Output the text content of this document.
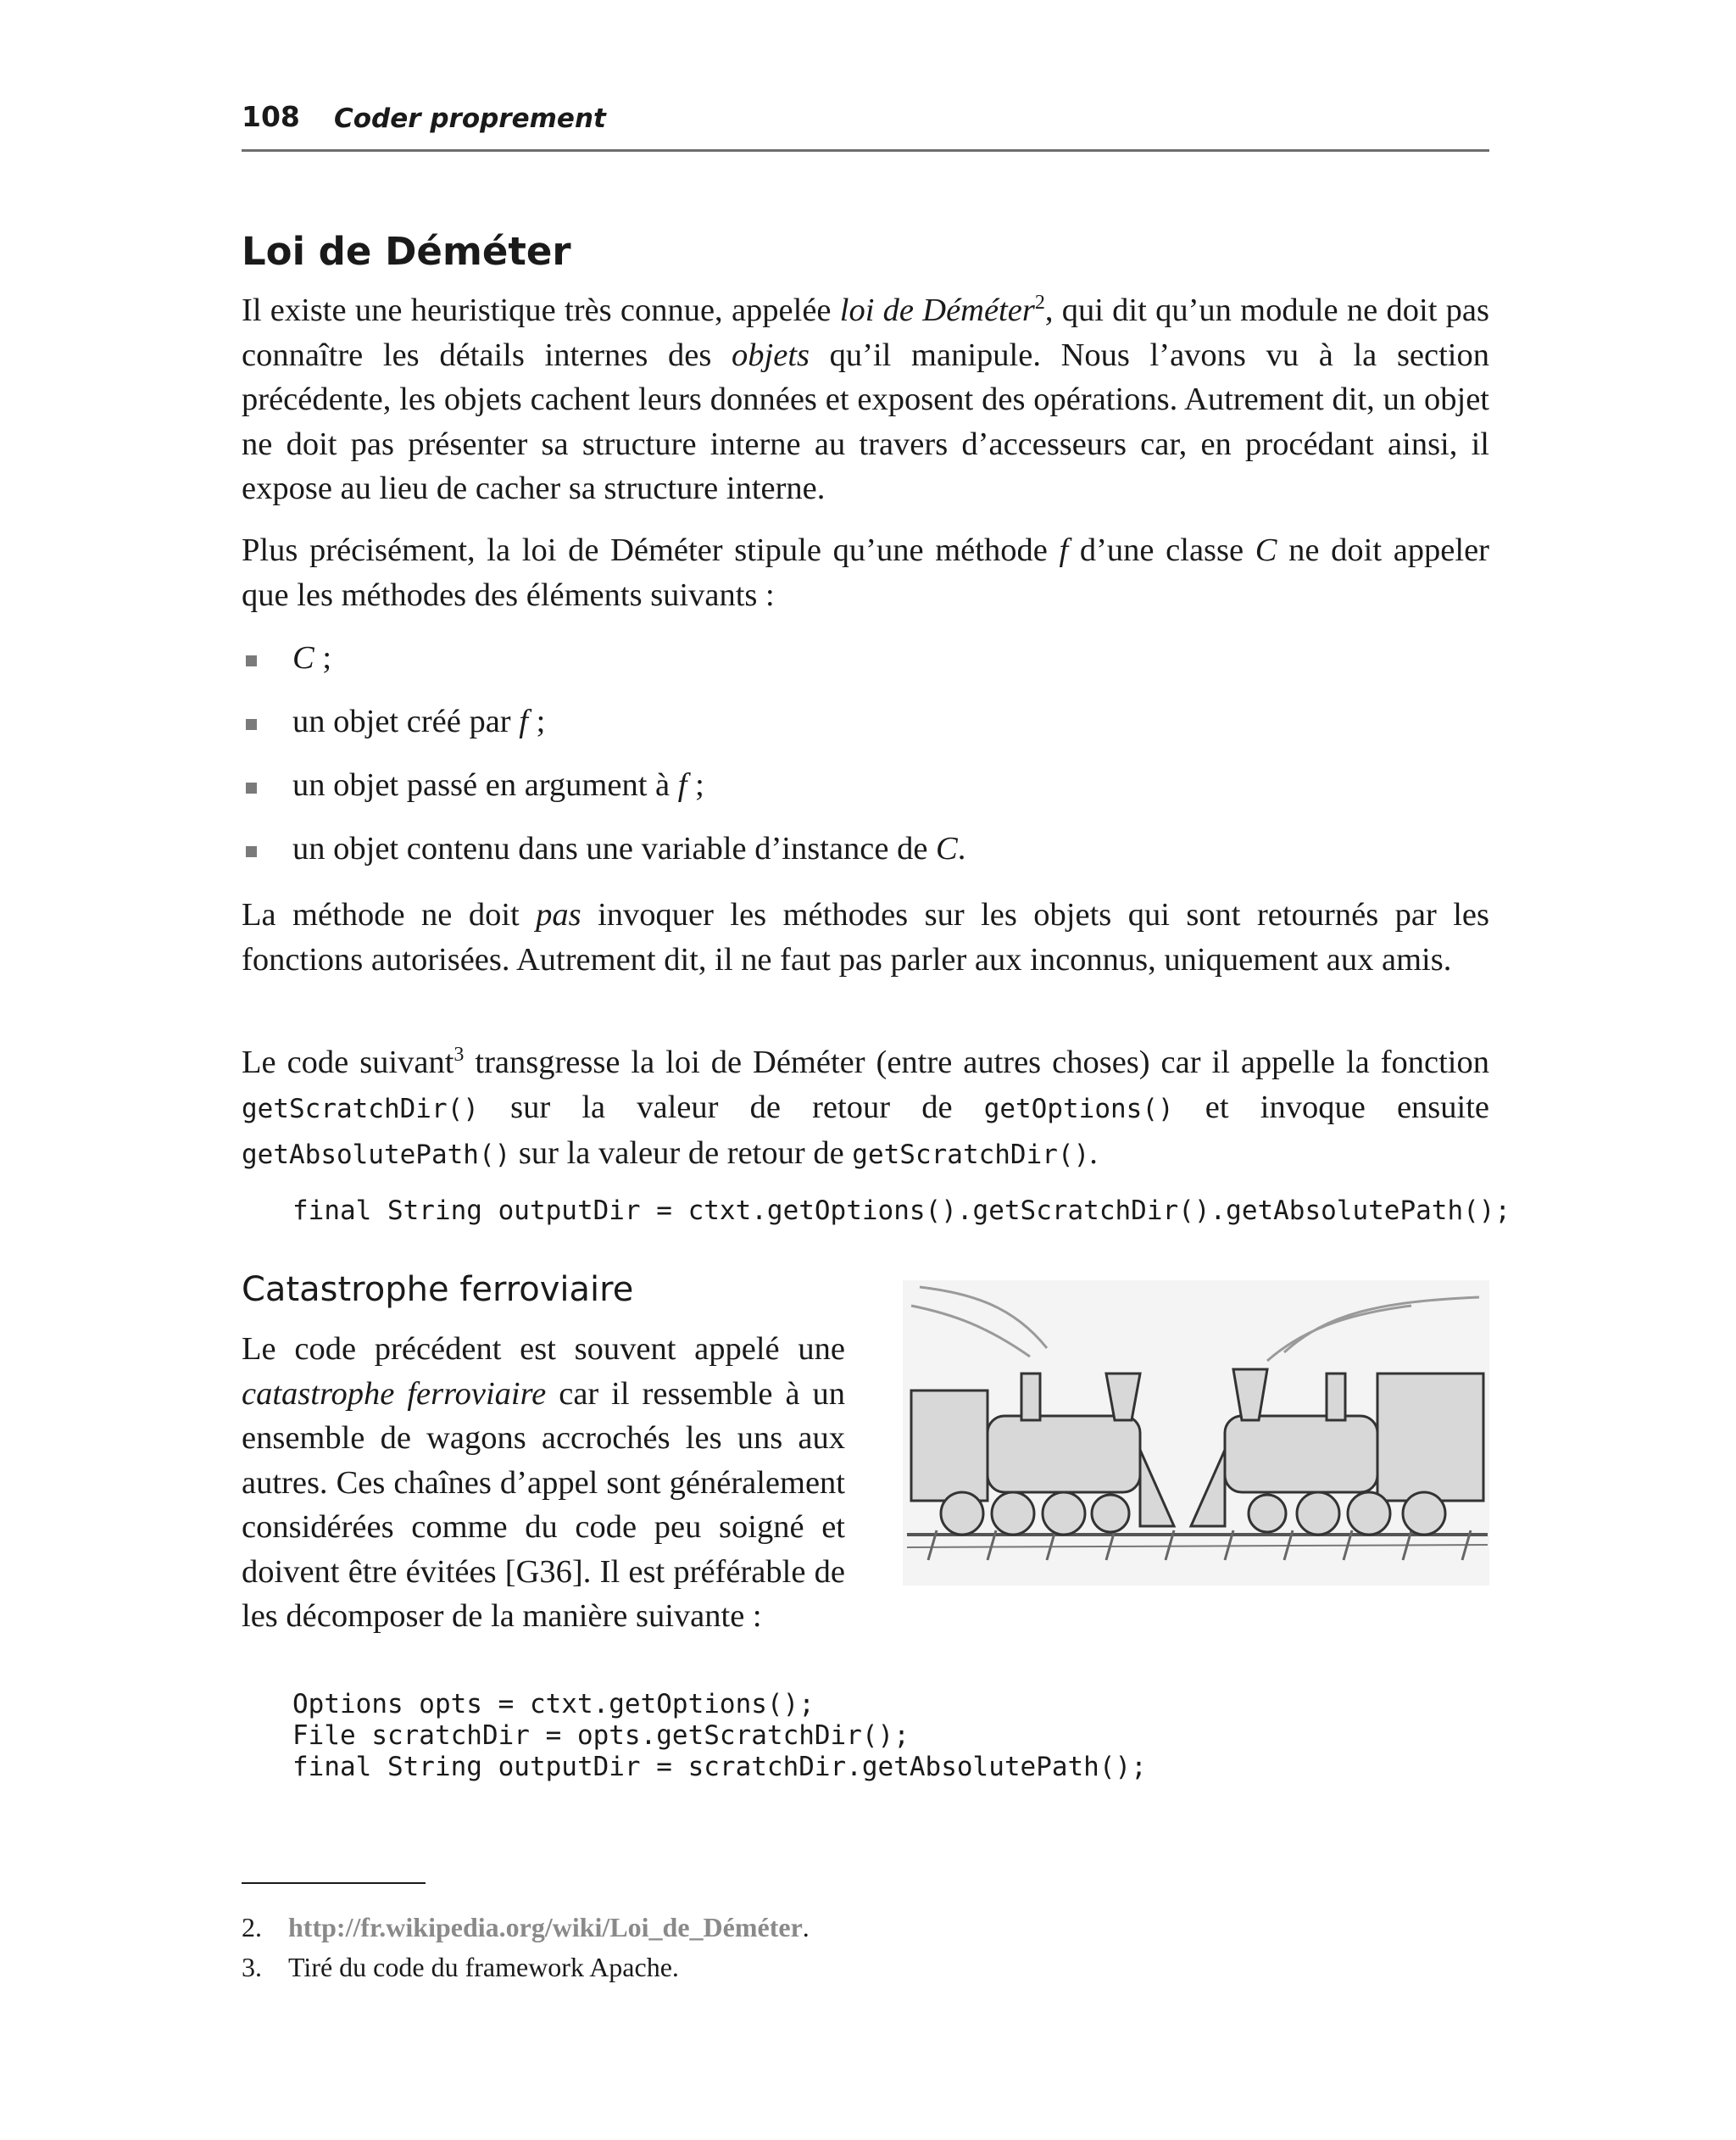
108 Coder proprement
Loi de Déméter

Il existe une heuristique très connue, appelée loi de Déméter$^2$, qui dit qu’un module ne doit pas connaître les détails internes des objets qu’il manipule. Nous l’avons vu à la section précédente, les objets cachent leurs données et exposent des opérations. Autrement dit, un objet ne doit pas présenter sa structure interne au travers d’accesseurs car, en procédant ainsi, il expose au lieu de cacher sa structure interne.

Plus précisément, la loi de Déméter stipule qu’une méthode f d’une classe C ne doit appeler que les méthodes des éléments suivants :

C ;
un objet créé par f ;
un objet passé en argument à f ;
un objet contenu dans une variable d’instance de C.

La méthode ne doit pas invoquer les méthodes sur les objets qui sont retournés par les fonctions autorisées. Autrement dit, il ne faut pas parler aux inconnus, uniquement aux amis.

Le code suivant$^3$ transgresse la loi de Déméter (entre autres choses) car il appelle la fonction getScratchDir() sur la valeur de retour de getOptions() et invoque ensuite getAbsolutePath() sur la valeur de retour de getScratchDir().

final String outputDir = ctxt.getOptions().getScratchDir().getAbsolutePath();
Catastrophe ferroviaire

Le code précédent est souvent appelé une catastrophe ferroviaire car il ressemble à un ensemble de wagons accrochés les uns aux autres. Ces chaînes d’appel sont généralement considérées comme du code peu soigné et doivent être évitées [G36]. Il est préférable de les décomposer de la manière suivante :

Options opts = ctxt.getOptions();
File scratchDir = opts.getScratchDir();
final String outputDir = scratchDir.getAbsolutePath();
2. http://fr.wikipedia.org/wiki/Loi_de_Déméter.
3. Tiré du code du framework Apache.
